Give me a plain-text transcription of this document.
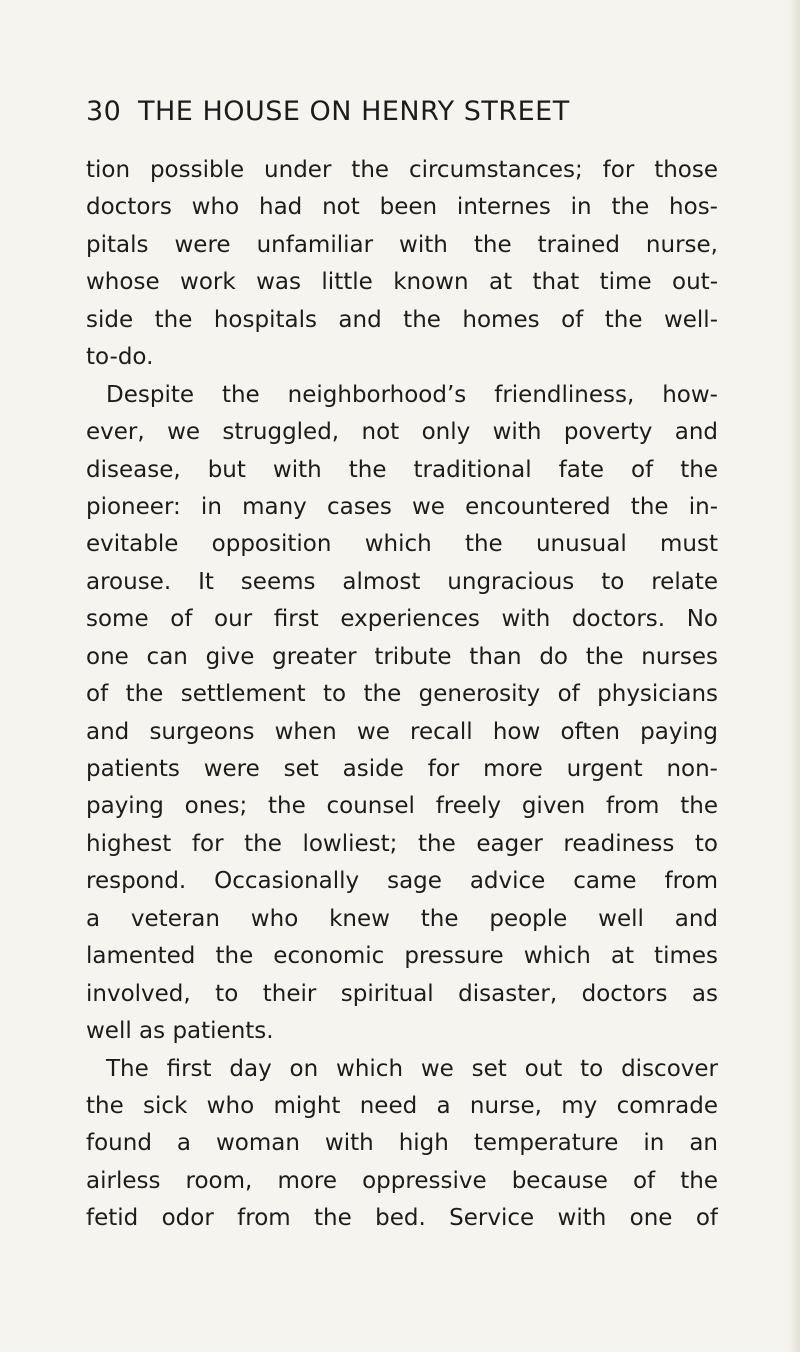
30 THE HOUSE ON HENRY STREET
tion possible under the circumstances; for those
doctors who had not been internes in the hos-
pitals were unfamiliar with the trained nurse,
whose work was little known at that time out-
side the hospitals and the homes of the well-
to-do.
Despite the neighborhood’s friendliness, how-
ever, we struggled, not only with poverty and
disease, but with the traditional fate of the
pioneer: in many cases we encountered the in-
evitable opposition which the unusual must
arouse. It seems almost ungracious to relate
some of our first experiences with doctors. No
one can give greater tribute than do the nurses
of the settlement to the generosity of physicians
and surgeons when we recall how often paying
patients were set aside for more urgent non-
paying ones; the counsel freely given from the
highest for the lowliest; the eager readiness to
respond. Occasionally sage advice came from
a veteran who knew the people well and
lamented the economic pressure which at times
involved, to their spiritual disaster, doctors as
well as patients.
The first day on which we set out to discover
the sick who might need a nurse, my comrade
found a woman with high temperature in an
airless room, more oppressive because of the
fetid odor from the bed. Service with one of
